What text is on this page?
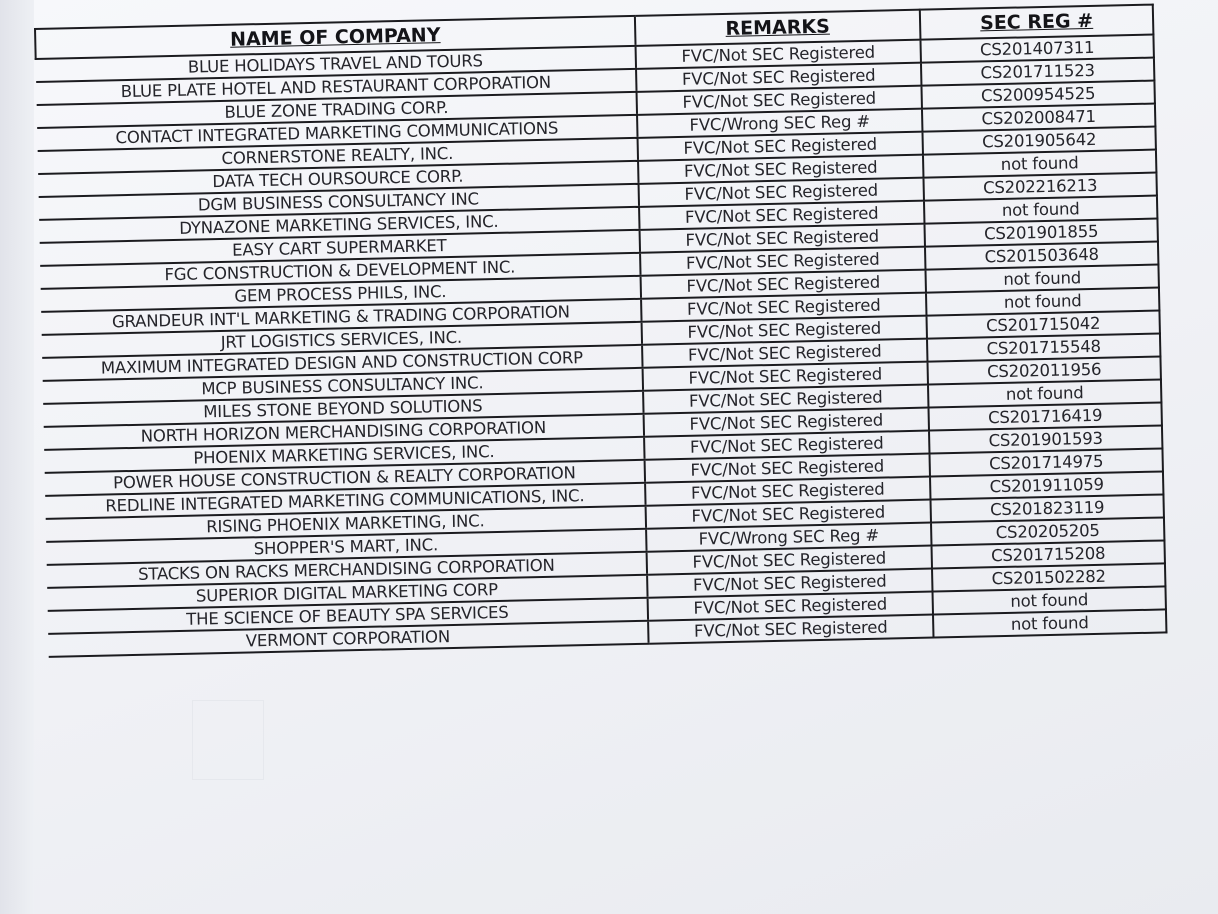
NAME OF COMPANY	REMARKS	SEC REG #
BLUE HOLIDAYS TRAVEL AND TOURS	FVC/Not SEC Registered	CS201407311
BLUE PLATE HOTEL AND RESTAURANT CORPORATION	FVC/Not SEC Registered	CS201711523
BLUE ZONE TRADING CORP.	FVC/Not SEC Registered	CS200954525
CONTACT INTEGRATED MARKETING COMMUNICATIONS	FVC/Wrong SEC Reg #	CS202008471
CORNERSTONE REALTY, INC.	FVC/Not SEC Registered	CS201905642
DATA TECH OURSOURCE CORP.	FVC/Not SEC Registered	not found
DGM BUSINESS CONSULTANCY INC	FVC/Not SEC Registered	CS202216213
DYNAZONE MARKETING SERVICES, INC.	FVC/Not SEC Registered	not found
EASY CART SUPERMARKET	FVC/Not SEC Registered	CS201901855
FGC CONSTRUCTION & DEVELOPMENT INC.	FVC/Not SEC Registered	CS201503648
GEM PROCESS PHILS, INC.	FVC/Not SEC Registered	not found
GRANDEUR INT'L MARKETING & TRADING CORPORATION	FVC/Not SEC Registered	not found
JRT LOGISTICS SERVICES, INC.	FVC/Not SEC Registered	CS201715042
MAXIMUM INTEGRATED DESIGN AND CONSTRUCTION CORP	FVC/Not SEC Registered	CS201715548
MCP BUSINESS CONSULTANCY INC.	FVC/Not SEC Registered	CS202011956
MILES STONE BEYOND SOLUTIONS	FVC/Not SEC Registered	not found
NORTH HORIZON MERCHANDISING CORPORATION	FVC/Not SEC Registered	CS201716419
PHOENIX MARKETING SERVICES, INC.	FVC/Not SEC Registered	CS201901593
POWER HOUSE CONSTRUCTION & REALTY CORPORATION	FVC/Not SEC Registered	CS201714975
REDLINE INTEGRATED MARKETING COMMUNICATIONS, INC.	FVC/Not SEC Registered	CS201911059
RISING PHOENIX MARKETING, INC.	FVC/Not SEC Registered	CS201823119
SHOPPER'S MART, INC.	FVC/Wrong SEC Reg #	CS20205205
STACKS ON RACKS MERCHANDISING CORPORATION	FVC/Not SEC Registered	CS201715208
SUPERIOR DIGITAL MARKETING CORP	FVC/Not SEC Registered	CS201502282
THE SCIENCE OF BEAUTY SPA SERVICES	FVC/Not SEC Registered	not found
VERMONT CORPORATION	FVC/Not SEC Registered	not found
